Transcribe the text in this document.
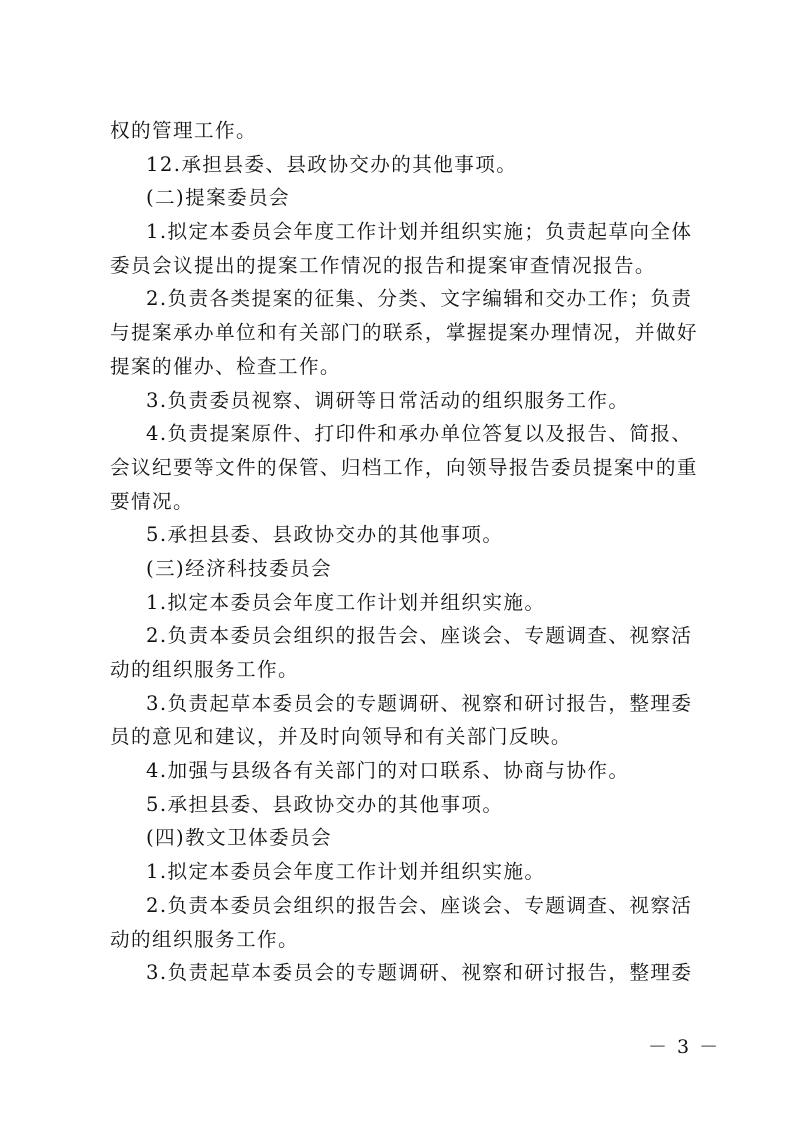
权的管理工作。
12.承担县委、县政协交办的其他事项。
(二)提案委员会
1.拟定本委员会年度工作计划并组织实施；负责起草向全体
委员会议提出的提案工作情况的报告和提案审查情况报告。
2.负责各类提案的征集、分类、文字编辑和交办工作；负责
与提案承办单位和有关部门的联系，掌握提案办理情况，并做好
提案的催办、检查工作。
3.负责委员视察、调研等日常活动的组织服务工作。
4.负责提案原件、打印件和承办单位答复以及报告、简报、
会议纪要等文件的保管、归档工作，向领导报告委员提案中的重
要情况。
5.承担县委、县政协交办的其他事项。
(三)经济科技委员会
1.拟定本委员会年度工作计划并组织实施。
2.负责本委员会组织的报告会、座谈会、专题调查、视察活
动的组织服务工作。
3.负责起草本委员会的专题调研、视察和研讨报告，整理委
员的意见和建议，并及时向领导和有关部门反映。
4.加强与县级各有关部门的对口联系、协商与协作。
5.承担县委、县政协交办的其他事项。
(四)教文卫体委员会
1.拟定本委员会年度工作计划并组织实施。
2.负责本委员会组织的报告会、座谈会、专题调查、视察活
动的组织服务工作。
3.负责起草本委员会的专题调研、视察和研讨报告，整理委
－ 3 －
